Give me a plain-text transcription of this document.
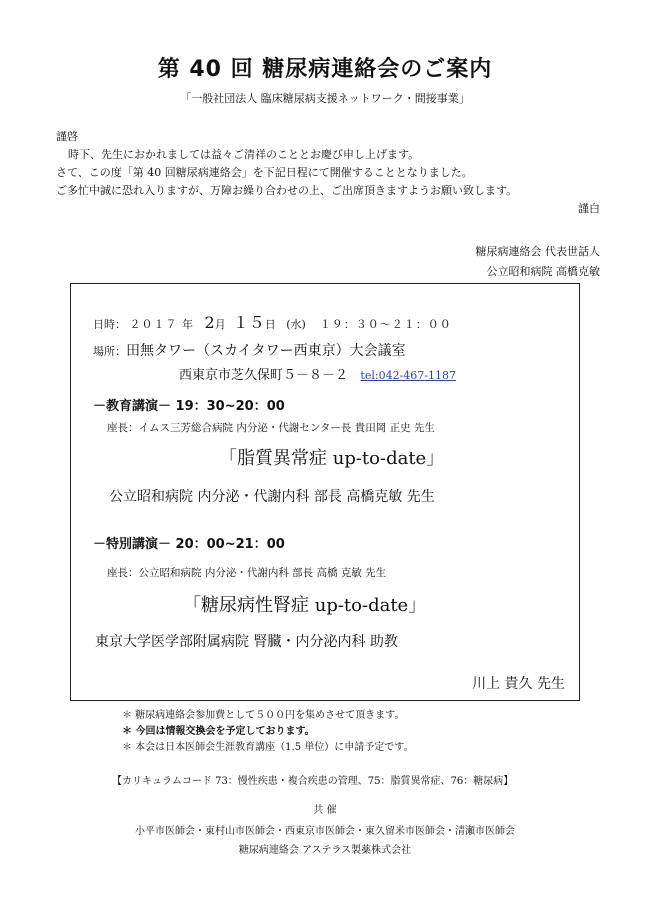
第 40 回 糖尿病連絡会のご案内
「一般社団法人 臨床糖尿病支援ネットワーク・間接事業」
謹啓
時下、先生におかれましては益々ご清祥のこととお慶び申し上げます。
さて、この度「第 40 回糖尿病連絡会」を下記日程にて開催することとなりました。
ご多忙中誠に恐れ入りますが、万障お繰り合わせの上、ご出席頂きますようお願い致します。
謹白
糖尿病連絡会 代表世話人
公立昭和病院 高橋克敏
日時： ２０１７ 年 2月 １５日 (水) １９：３０～２１：００
場所：田無タワー（スカイタワー西東京）大会議室
西東京市芝久保町５－８－２ tel:042-467-1187
－教育講演－ 19：30~20：00
座長：イムス三芳総合病院 内分泌・代謝センター長 貴田岡 正史 先生
「脂質異常症 up-to-date」
公立昭和病院 内分泌・代謝内科 部長 高橋克敏 先生
－特別講演－ 20：00~21：00
座長：公立昭和病院 内分泌・代謝内科 部長 高橋 克敏 先生
「糖尿病性腎症 up-to-date」
東京大学医学部附属病院 腎臓・内分泌内科 助教
川上 貴久 先生
＊ 糖尿病連絡会参加費として５００円を集めさせて頂きます。
＊ 今回は情報交換会を予定しております。
＊ 本会は日本医師会生涯教育講座（1.5 単位）に申請予定です。
【カリキュラムコード 73：慢性疾患・複合疾患の管理、75：脂質異常症、76：糖尿病】
共 催
小平市医師会・東村山市医師会・西東京市医師会・東久留米市医師会・清瀬市医師会
糖尿病連絡会 アステラス製薬株式会社
